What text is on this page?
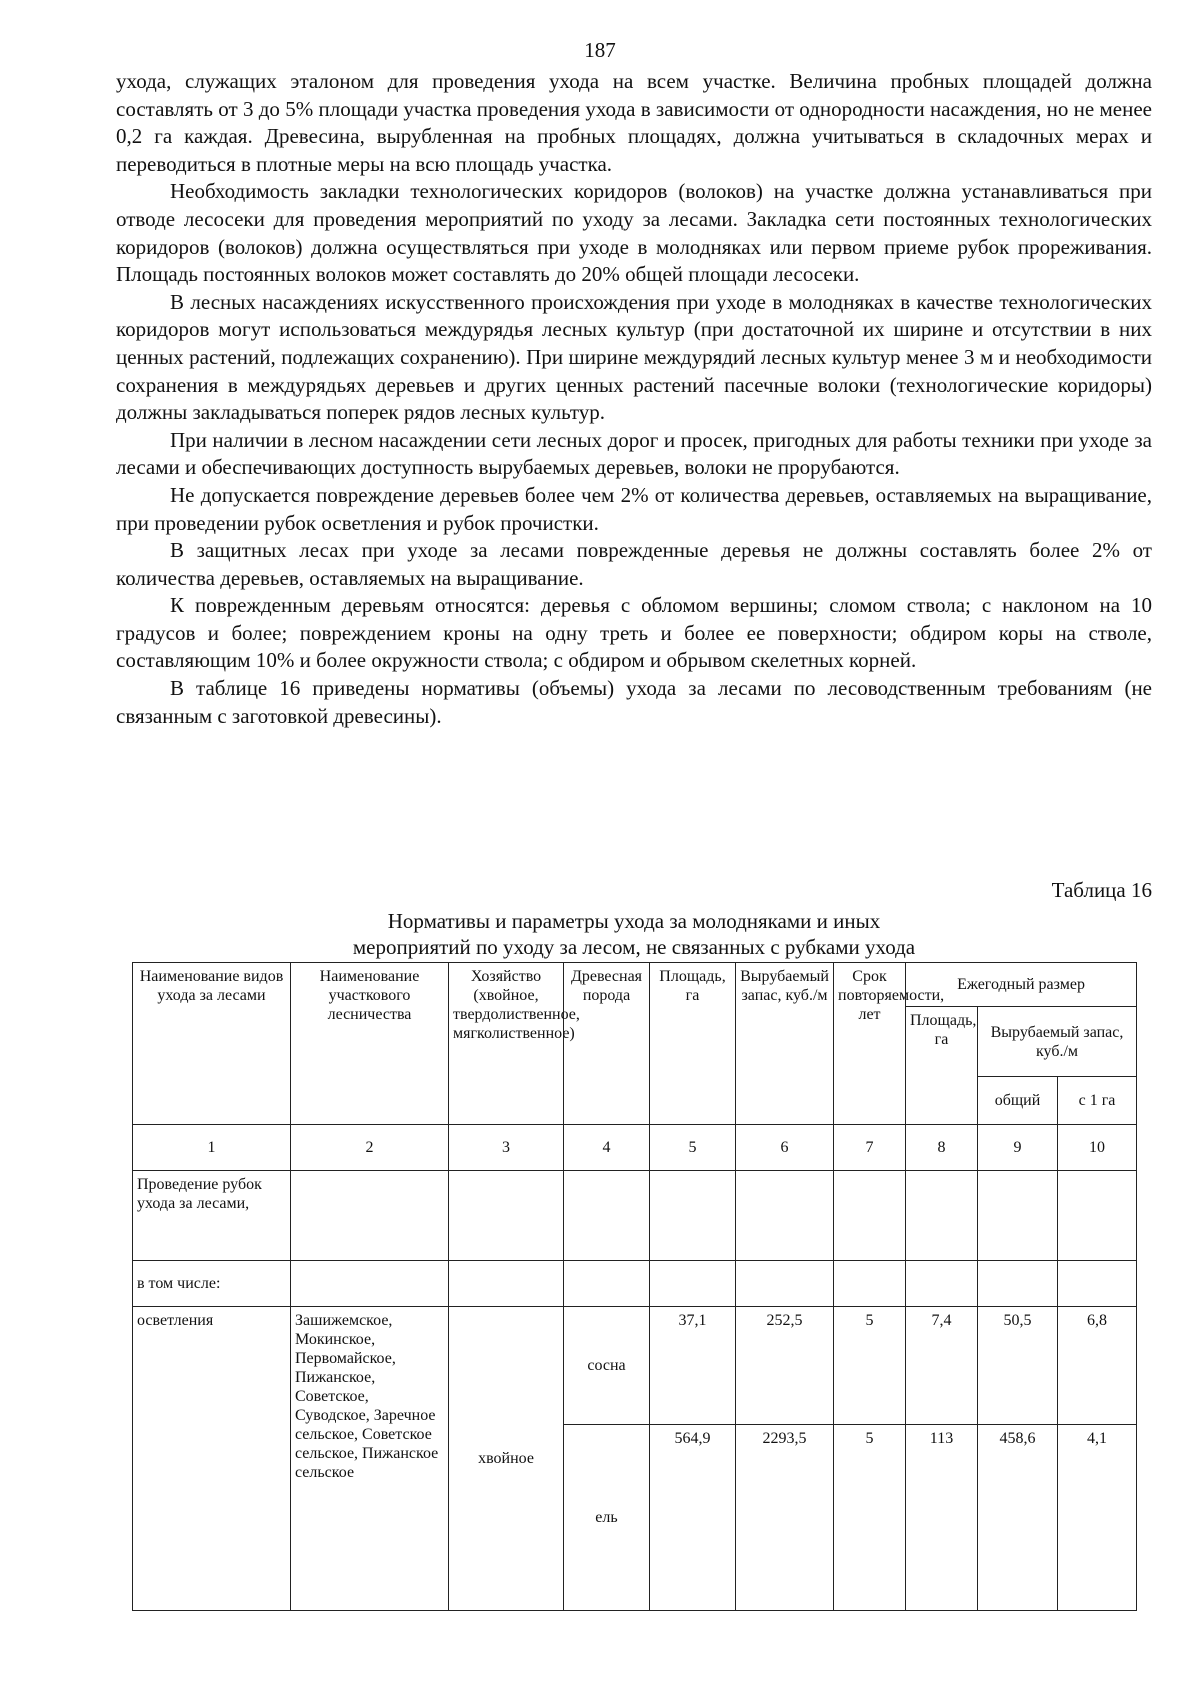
187

ухода, служащих эталоном для проведения ухода на всем участке. Величина пробных площадей должна составлять от 3 до 5% площади участка проведения ухода в зависимости от однородности насаждения, но не менее 0,2 га каждая. Древесина, вырубленная на пробных площадях, должна учитываться в складочных мерах и переводиться в плотные меры на всю площадь участка.

Необходимость закладки технологических коридоров (волоков) на участке должна устанавливаться при отводе лесосеки для проведения мероприятий по уходу за лесами. Закладка сети постоянных технологических коридоров (волоков) должна осуществляться при уходе в молодняках или первом приеме рубок прореживания. Площадь постоянных волоков может составлять до 20% общей площади лесосеки.

В лесных насаждениях искусственного происхождения при уходе в молодняках в качестве технологических коридоров могут использоваться междурядья лесных культур (при достаточной их ширине и отсутствии в них ценных растений, подлежащих сохранению). При ширине междурядий лесных культур менее 3 м и необходимости сохранения в междурядьях деревьев и других ценных растений пасечные волоки (технологические коридоры) должны закладываться поперек рядов лесных культур.

При наличии в лесном насаждении сети лесных дорог и просек, пригодных для работы техники при уходе за лесами и обеспечивающих доступность вырубаемых деревьев, волоки не прорубаются.

Не допускается повреждение деревьев более чем 2% от количества деревьев, оставляемых на выращивание, при проведении рубок осветления и рубок прочистки.

В защитных лесах при уходе за лесами поврежденные деревья не должны составлять более 2% от количества деревьев, оставляемых на выращивание.

К поврежденным деревьям относятся: деревья с обломом вершины; сломом ствола; с наклоном на 10 градусов и более; повреждением кроны на одну треть и более ее поверхности; обдиром коры на стволе, составляющим 10% и более окружности ствола; с обдиром и обрывом скелетных корней.

В таблице 16 приведены нормативы (объемы) ухода за лесами по лесоводственным требованиям (не связанным с заготовкой древесины).

Таблица 16
Нормативы и параметры ухода за молодняками и иных
мероприятий по уходу за лесом, не связанных с рубками ухода
Наименование видов ухода за лесами	Наименование участкового лесничества	Хозяйство (хвойное, твердолиственное, мягколиственное)	Древесная порода	Площадь, га	Вырубаемый запас, куб./м	Срок повторяемости, лет	Ежегодный размер		
							Площадь, га	Вырубаемый запас, куб./м	
								общий	с 1 га
1	2	3	4	5	6	7	8	9	10
Проведение рубок ухода за лесами,									
в том числе:									
осветления	Зашижемское, Мокинское, Первомайское, Пижанское, Советское, Суводское, Заречное сельское, Советское сельское, Пижанское сельское	хвойное	сосна	37,1	252,5	5	7,4	50,5	6,8
			ель	564,9	2293,5	5	113	458,6	4,1
